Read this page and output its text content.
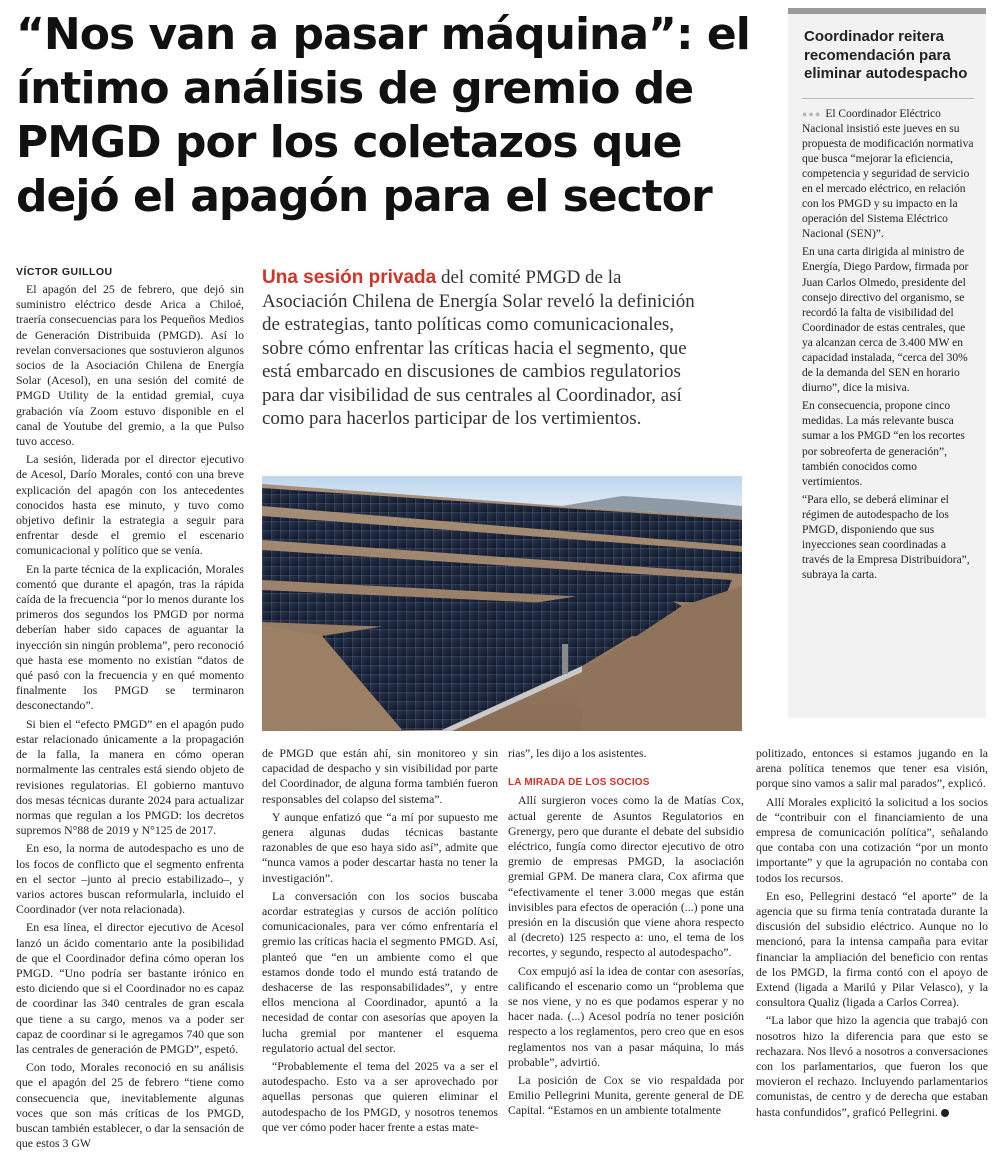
“Nos van a pasar máquina”: el íntimo análisis de gremio de PMGD por los coletazos que dejó el apagón para el sector
VÍCTOR GUILLOU	Una sesión privada del comité PMGD de la Asociación Chilena de Energía Solar reveló la definición de estrategias, tanto políticas como comunicacionales, sobre cómo enfrentar las críticas hacia el segmento, que está embarcado en discusiones de cambios regulatorios para dar visibilidad de sus centrales al Coordinador, así como para hacerlos participar de los vertimientos.

Coordinador reitera recomendación para eliminar autodespacho

●●● El Coordinador Eléctrico Nacional insistió este jueves en su propuesta de modificación normativa que busca “mejorar la eficiencia, competencia y seguridad de servicio en el mercado eléctrico, en relación con los PMGD y su impacto en la operación del Sistema Eléctrico Nacional (SEN)”.

En una carta dirigida al ministro de Energía, Diego Pardow, firmada por Juan Carlos Olmedo, presidente del consejo directivo del organismo, se recordó la falta de visibilidad del Coordinador de estas centrales, que ya alcanzan cerca de 3.400 MW en capacidad instalada, “cerca del 30% de la demanda del SEN en horario diurno”, dice la misiva.

En consecuencia, propone cinco medidas. La más relevante busca sumar a los PMGD “en los recortes por sobreoferta de generación”, también conocidos como vertimientos.

“Para ello, se deberá eliminar el régimen de autodespacho de los PMGD, disponiendo que sus inyecciones sean coordinadas a través de la Empresa Distribuidora”, subraya la carta.

El apagón del 25 de febrero, que dejó sin suministro eléctrico desde Arica a Chiloé, traería consecuencias para los Pequeños Medios de Generación Distribuida (PMGD). Así lo revelan conversaciones que sostuvieron algunos socios de la Asociación Chilena de Energía Solar (Acesol), en una sesión del comité de PMGD Utility de la entidad gremial, cuya grabación vía Zoom estuvo disponible en el canal de Youtube del gremio, a la que Pulso tuvo acceso.

La sesión, liderada por el director ejecutivo de Acesol, Darío Morales, contó con una breve explicación del apagón con los antecedentes conocidos hasta ese minuto, y tuvo como objetivo definir la estrategia a seguir para enfrentar desde el gremio el escenario comunicacional y político que se venía.

En la parte técnica de la explicación, Morales comentó que durante el apagón, tras la rápida caída de la frecuencia “por lo menos durante los primeros dos segundos los PMGD por norma deberían haber sido capaces de aguantar la inyección sin ningún problema”, pero reconoció que hasta ese momento no existían “datos de qué pasó con la frecuencia y en qué momento finalmente los PMGD se terminaron desconectando”.

Si bien el “efecto PMGD” en el apagón pudo estar relacionado únicamente a la propagación de la falla, la manera en cómo operan normalmente las centrales está siendo objeto de revisiones regulatorias. El gobierno mantuvo dos mesas técnicas durante 2024 para actualizar normas que regulan a los PMGD: los decretos supremos N°88 de 2019 y N°125 de 2017.

En eso, la norma de autodespacho es uno de los focos de conflicto que el segmento enfrenta en el sector –junto al precio estabilizado–, y varios actores buscan reformularla, incluido el Coordinador (ver nota relacionada).

En esa línea, el director ejecutivo de Acesol lanzó un ácido comentario ante la posibilidad de que el Coordinador defina cómo operan los PMGD. “Uno podría ser bastante irónico en esto diciendo que si el Coordinador no es capaz de coordinar las 340 centrales de gran escala que tiene a su cargo, menos va a poder ser capaz de coordinar si le agregamos 740 que son las centrales de generación de PMGD”, espetó.

Con todo, Morales reconoció en su análisis que el apagón del 25 de febrero “tiene como consecuencia que, inevitablemente algunas voces que son más críticas de los PMGD, buscan también establecer, o dar la sensación de que estos 3 GW

de PMGD que están ahí, sin monitoreo y sin capacidad de despacho y sin visibilidad por parte del Coordinador, de alguna forma también fueron responsables del colapso del sistema”.

Y aunque enfatizó que “a mí por supuesto me genera algunas dudas técnicas bastante razonables de que eso haya sido así”, admite que “nunca vamos a poder descartar hasta no tener la investigación”.

La conversación con los socios buscaba acordar estrategias y cursos de acción político comunicacionales, para ver cómo enfrentaría el gremio las críticas hacia el segmento PMGD. Así, planteó que “en un ambiente como el que estamos donde todo el mundo está tratando de deshacerse de las responsabilidades”, y entre ellos menciona al Coordinador, apuntó a la necesidad de contar con asesorías que apoyen la lucha gremial por mantener el esquema regulatorio actual del sector.

“Probablemente el tema del 2025 va a ser el autodespacho. Esto va a ser aprovechado por aquellas personas que quieren eliminar el autodespacho de los PMGD, y nosotros tenemos que ver cómo poder hacer frente a estas mate-

rias”, les dijo a los asistentes.

LA MIRADA DE LOS SOCIOS

Allí surgieron voces como la de Matías Cox, actual gerente de Asuntos Regulatorios en Grenergy, pero que durante el debate del subsidio eléctrico, fungía como director ejecutivo de otro gremio de empresas PMGD, la asociación gremial GPM. De manera clara, Cox afirma que “efectivamente el tener 3.000 megas que están invisibles para efectos de operación (...) pone una presión en la discusión que viene ahora respecto al (decreto) 125 respecto a: uno, el tema de los recortes, y segundo, respecto al autodespacho”.

Cox empujó así la idea de contar con asesorías, calificando el escenario como un “problema que se nos viene, y no es que podamos esperar y no hacer nada. (...) Acesol podría no tener posición respecto a los reglamentos, pero creo que en esos reglamentos nos van a pasar máquina, lo más probable”, advirtió.

La posición de Cox se vio respaldada por Emilio Pellegrini Munita, gerente general de DE Capital. “Estamos en un ambiente totalmente

politizado, entonces si estamos jugando en la arena política tenemos que tener esa visión, porque sino vamos a salir mal parados”, explicó.

Allí Morales explicitó la solicitud a los socios de “contribuir con el financiamiento de una empresa de comunicación política”, señalando que contaba con una cotización “por un monto importante” y que la agrupación no contaba con todos los recursos.

En eso, Pellegrini destacó “el aporte” de la agencia que su firma tenía contratada durante la discusión del subsidio eléctrico. Aunque no lo mencionó, para la intensa campaña para evitar financiar la ampliación del beneficio con rentas de los PMGD, la firma contó con el apoyo de Extend (ligada a Marilú y Pilar Velasco), y la consultora Qualiz (ligada a Carlos Correa).

“La labor que hizo la agencia que trabajó con nosotros hizo la diferencia para que esto se rechazara. Nos llevó a nosotros a conversaciones con los parlamentarios, que fueron los que movieron el rechazo. Incluyendo parlamentarios comunistas, de centro y de derecha que estaban hasta confundidos”, graficó Pellegrini.
